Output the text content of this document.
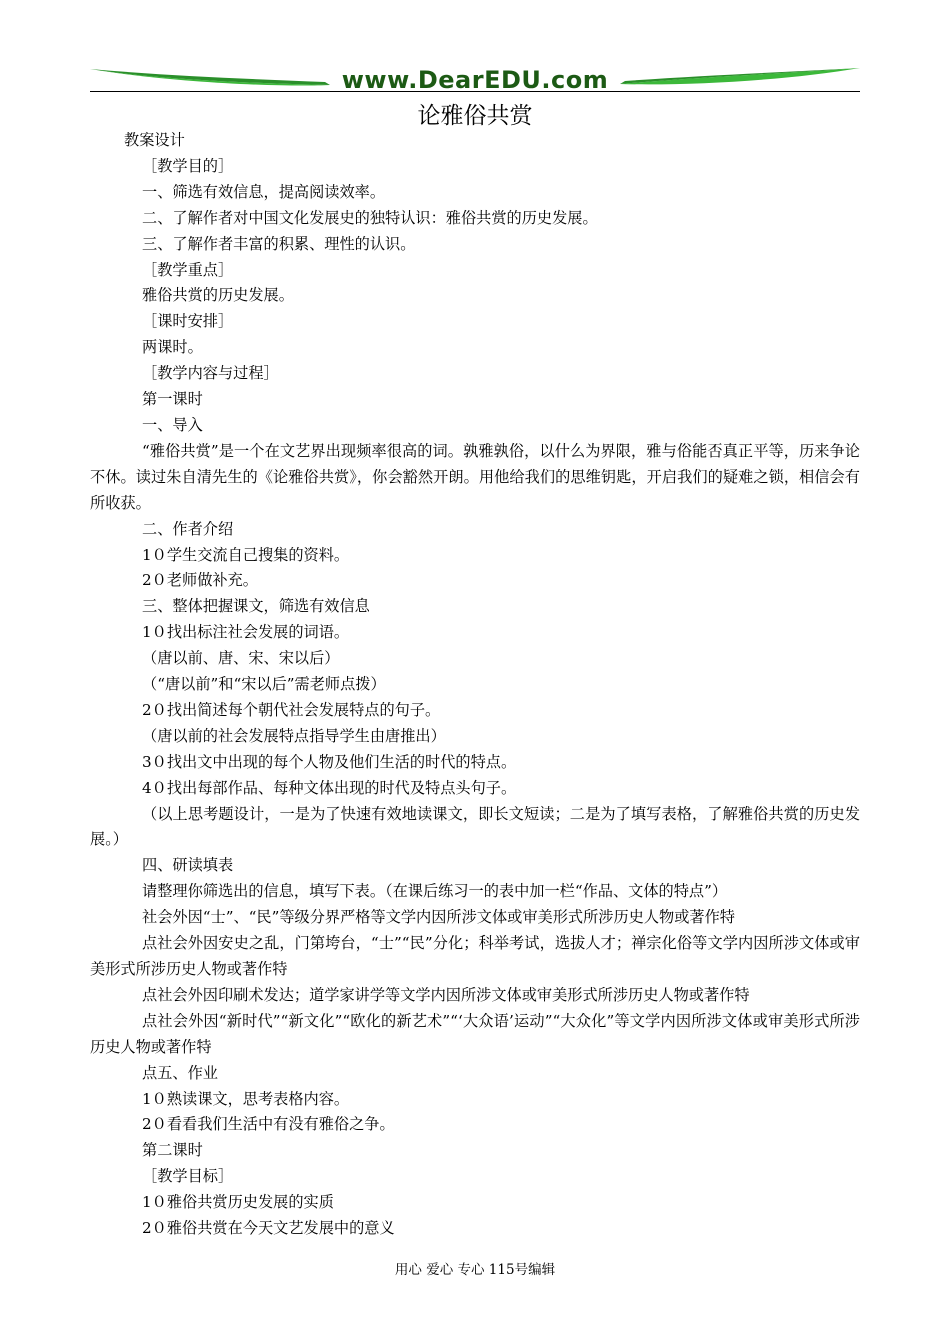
www.DearEDU.com
论雅俗共赏

教案设计

［教学目的］

一、筛选有效信息，提高阅读效率。

二、了解作者对中国文化发展史的独特认识：雅俗共赏的历史发展。

三、了解作者丰富的积累、理性的认识。

［教学重点］

雅俗共赏的历史发展。

［课时安排］

两课时。

［教学内容与过程］

第一课时

一、导入

“雅俗共赏”是一个在文艺界出现频率很高的词。孰雅孰俗，以什么为界限，雅与俗能否真正平等，历来争论不休。读过朱自清先生的《论雅俗共赏》，你会豁然开朗。用他给我们的思维钥匙，开启我们的疑难之锁，相信会有所收获。

二、作者介绍

1０学生交流自己搜集的资料。

2０老师做补充。

三、整体把握课文，筛选有效信息

1０找出标注社会发展的词语。

（唐以前、唐、宋、宋以后）

（“唐以前”和“宋以后”需老师点拨）

2０找出简述每个朝代社会发展特点的句子。

（唐以前的社会发展特点指导学生由唐推出）

3０找出文中出现的每个人物及他们生活的时代的特点。

4０找出每部作品、每种文体出现的时代及特点头句子。

（以上思考题设计，一是为了快速有效地读课文，即长文短读；二是为了填写表格，了解雅俗共赏的历史发展。）

四、研读填表

请整理你筛选出的信息，填写下表。（在课后练习一的表中加一栏“作品、文体的特点”）

社会外因“士”、“民”等级分界严格等文学内因所涉文体或审美形式所涉历史人物或著作特

点社会外因安史之乱，门第垮台，“士”“民”分化；科举考试，选拔人才；禅宗化俗等文学内因所涉文体或审美形式所涉历史人物或著作特

点社会外因印刷术发达；道学家讲学等文学内因所涉文体或审美形式所涉历史人物或著作特

点社会外因“新时代”“新文化”“欧化的新艺术”“‘大众语’运动”“大众化”等文学内因所涉文体或审美形式所涉历史人物或著作特

点五、作业

1０熟读课文，思考表格内容。

2０看看我们生活中有没有雅俗之争。

第二课时

［教学目标］

1０雅俗共赏历史发展的实质

2０雅俗共赏在今天文艺发展中的意义

用心 爱心 专心 115号编辑
